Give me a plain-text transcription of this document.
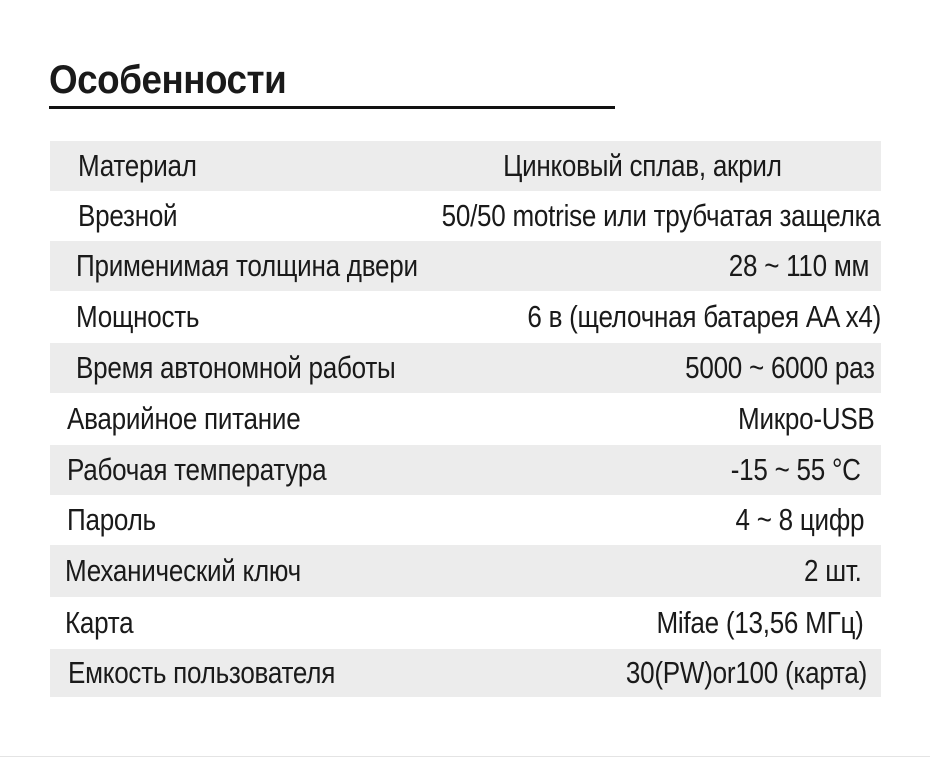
Особенности
Материал	Цинковый сплав, акрил
Врезной	50/50 motrise или трубчатая защелка
Применимая толщина двери	28 ~ 110 мм
Мощность	6 в (щелочная батарея AA x4)
Время автономной работы	5000 ~ 6000 раз
Аварийное питание	Микро-USB
Рабочая температура	-15 ~ 55 °C
Пароль	4 ~ 8 цифр
Механический ключ	2 шт.
Карта	Mifae (13,56 МГц)
Емкость пользователя	30(PW)or100 (карта)
